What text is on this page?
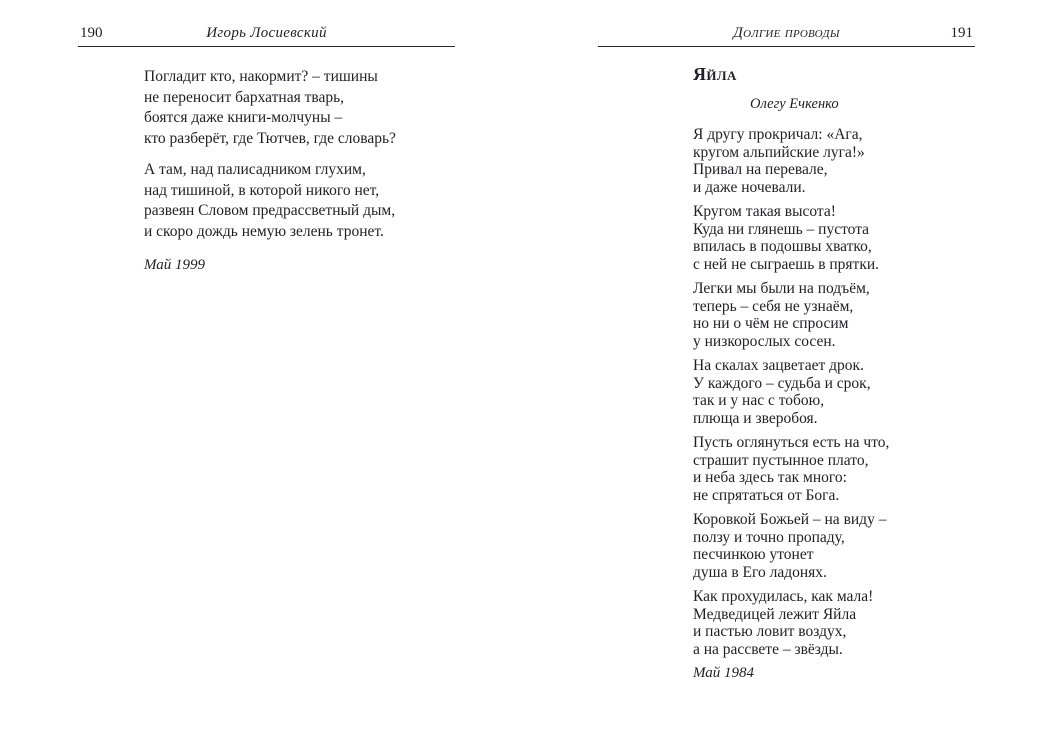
190	Игорь Лосиевский
Погладит кто, накормит? – тишины
не переносит бархатная тварь,
боятся даже книги-молчуны –
кто разберёт, где Тютчев, где словарь?
А там, над палисадником глухим,
над тишиной, в которой никого нет,
развеян Словом предрассветный дым,
и скоро дождь немую зелень тронет.
Май 1999
Долгие проводы	191
Яйла
Олегу Ечкенко
Я другу прокричал: «Ага,
кругом альпийские луга!»
Привал на перевале,
и даже ночевали.
Кругом такая высота!
Куда ни глянешь – пустота
впилась в подошвы хватко,
с ней не сыграешь в прятки.
Легки мы были на подъём,
теперь – себя не узнаём,
но ни о чём не спросим
у низкорослых сосен.
На скалах зацветает дрок.
У каждого – судьба и срок,
так и у нас с тобою,
плюща и зверобоя.
Пусть оглянуться есть на что,
страшит пустынное плато,
и неба здесь так много:
не спрятаться от Бога.
Коровкой Божьей – на виду –
ползу и точно пропаду,
песчинкою утонет
душа в Его ладонях.
Как прохудилась, как мала!
Медведицей лежит Яйла
и пастью ловит воздух,
а на рассвете – звёзды.
Май 1984
